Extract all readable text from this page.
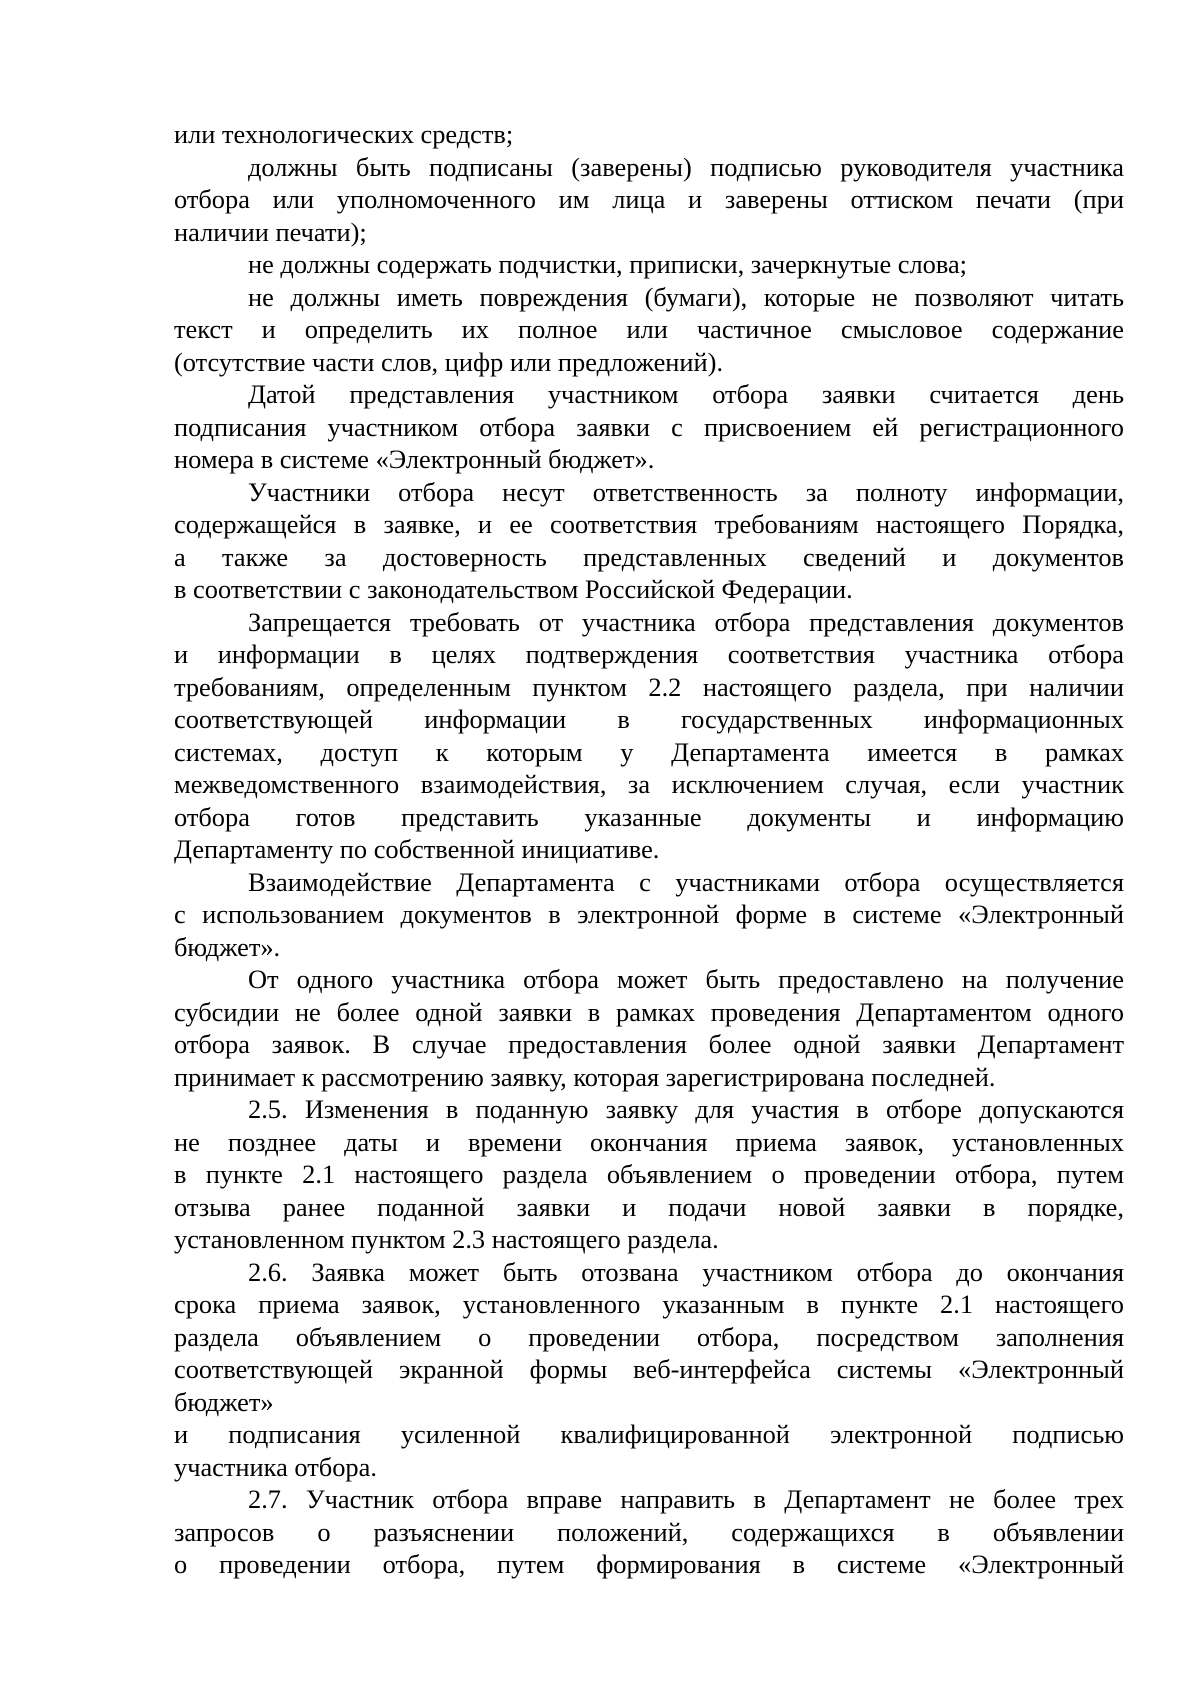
или технологических средств;
должны быть подписаны (заверены) подписью руководителя участника
отбора или уполномоченного им лица и заверены оттиском печати (при
наличии печати);
не должны содержать подчистки, приписки, зачеркнутые слова;
не должны иметь повреждения (бумаги), которые не позволяют читать
текст и определить их полное или частичное смысловое содержание
(отсутствие части слов, цифр или предложений).
Датой представления участником отбора заявки считается день
подписания участником отбора заявки с присвоением ей регистрационного
номера в системе «Электронный бюджет».
Участники отбора несут ответственность за полноту информации,
содержащейся в заявке, и ее соответствия требованиям настоящего Порядка,
а также за достоверность представленных сведений и документов
в соответствии с законодательством Российской Федерации.
Запрещается требовать от участника отбора представления документов
и информации в целях подтверждения соответствия участника отбора
требованиям, определенным пунктом 2.2 настоящего раздела, при наличии
соответствующей информации в государственных информационных
системах, доступ к которым у Департамента имеется в рамках
межведомственного взаимодействия, за исключением случая, если участник
отбора готов представить указанные документы и информацию
Департаменту по собственной инициативе.
Взаимодействие Департамента с участниками отбора осуществляется
с использованием документов в электронной форме в системе «Электронный
бюджет».
От одного участника отбора может быть предоставлено на получение
субсидии не более одной заявки в рамках проведения Департаментом одного
отбора заявок. В случае предоставления более одной заявки Департамент
принимает к рассмотрению заявку, которая зарегистрирована последней.
2.5. Изменения в поданную заявку для участия в отборе допускаются
не позднее даты и времени окончания приема заявок, установленных
в пункте 2.1 настоящего раздела объявлением о проведении отбора, путем
отзыва ранее поданной заявки и подачи новой заявки в порядке,
установленном пунктом 2.3 настоящего раздела.
2.6. Заявка может быть отозвана участником отбора до окончания
срока приема заявок, установленного указанным в пункте 2.1 настоящего
раздела объявлением о проведении отбора, посредством заполнения
соответствующей экранной формы веб-интерфейса системы «Электронный
бюджет»
и подписания усиленной квалифицированной электронной подписью
участника отбора.
2.7. Участник отбора вправе направить в Департамент не более трех
запросов о разъяснении положений, содержащихся в объявлении
о проведении отбора, путем формирования в системе «Электронный
